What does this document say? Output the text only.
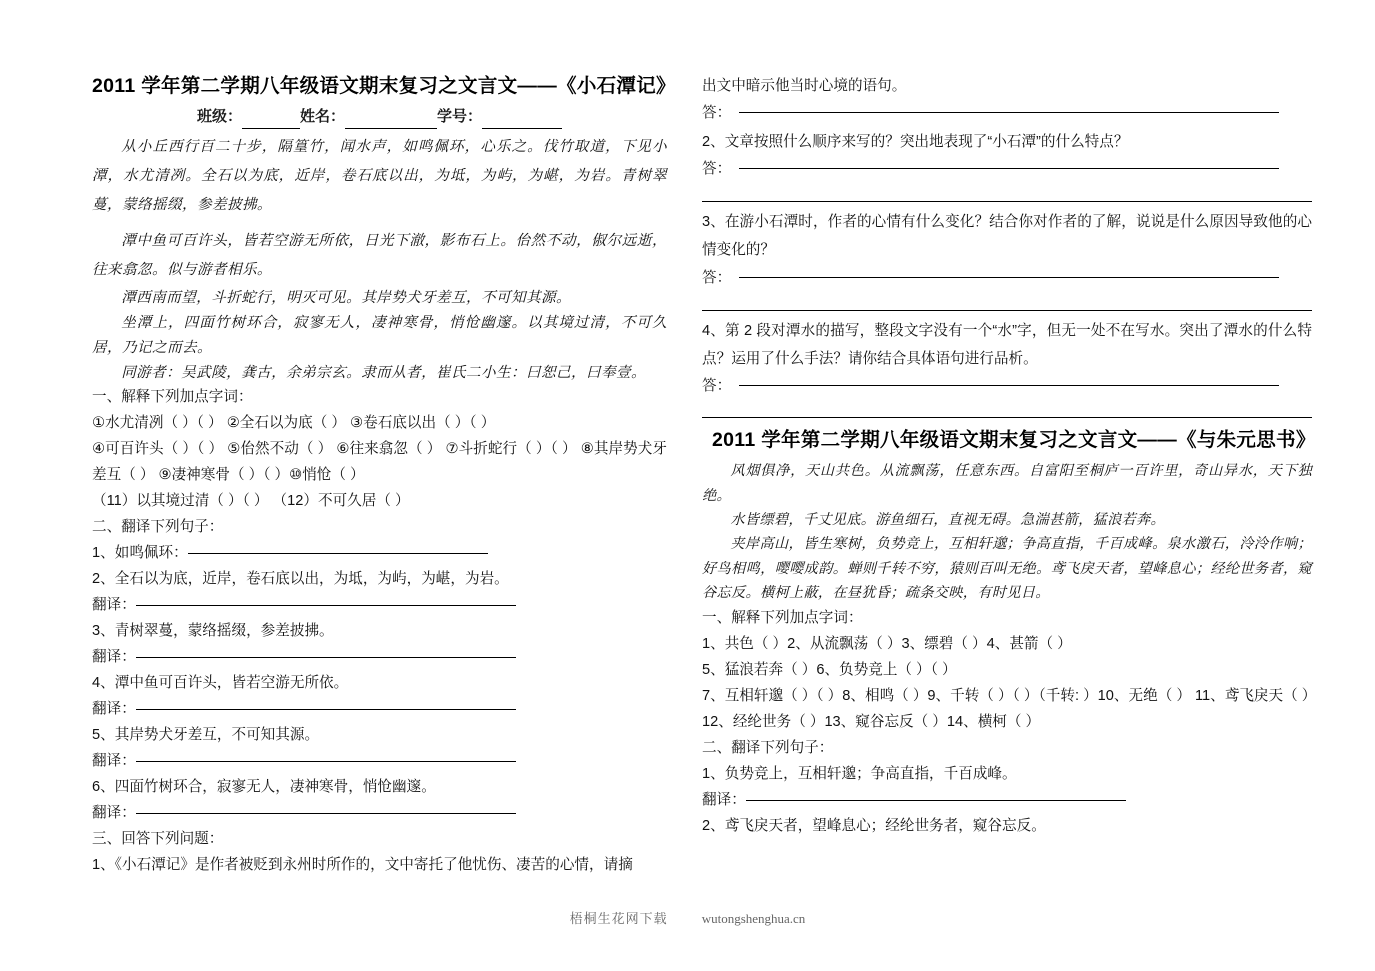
2011 学年第二学期八年级语文期末复习之文言文——《小石潭记》
班级：	姓名：	学号：

从小丘西行百二十步，隔篁竹，闻水声，如鸣佩环，心乐之。伐竹取道，下见小潭，水尤清冽。全石以为底，近岸，卷石底以出，为坻，为屿，为嵁，为岩。青树翠蔓，蒙络摇缀，参差披拂。

潭中鱼可百许头，皆若空游无所依，日光下澈，影布石上。佁然不动，俶尔远逝，往来翕忽。似与游者相乐。

潭西南而望，斗折蛇行，明灭可见。其岸势犬牙差互，不可知其源。

坐潭上，四面竹树环合，寂寥无人，凄神寒骨，悄怆幽邃。以其境过清，不可久居，乃记之而去。

同游者：吴武陵，龚古，余弟宗玄。隶而从者，崔氏二小生：曰恕己，曰奉壹。

一、解释下列加点字词：

①水尤清冽（ ）（ ） ②全石以为底（ ） ③卷石底以出（ ）（ ）
④可百许头（ ）（ ） ⑤佁然不动（ ） ⑥往来翕忽（ ） ⑦斗折蛇行（ ）（ ） ⑧其岸势犬牙差互（ ） ⑨凄神寒骨（ ）（ ）⑩悄怆（ ）
（11）以其境过清（ ）（ ） （12）不可久居（ ）

二、翻译下列句子：

1、如鸣佩环：

2、全石以为底，近岸，卷石底以出，为坻，为屿，为嵁，为岩。

翻译：

3、青树翠蔓，蒙络摇缀，参差披拂。

翻译：

4、潭中鱼可百许头，皆若空游无所依。

翻译：

5、其岸势犬牙差互，不可知其源。

翻译：

6、四面竹树环合，寂寥无人，凄神寒骨，悄怆幽邃。

翻译：

三、回答下列问题：

1、《小石潭记》是作者被贬到永州时所作的，文中寄托了他忧伤、凄苦的心情，请摘

出文中暗示他当时心境的语句。

答：

2、文章按照什么顺序来写的？突出地表现了“小石潭”的什么特点？

答：

3、在游小石潭时，作者的心情有什么变化？结合你对作者的了解，说说是什么原因导致他的心情变化的？

答：

4、第 2 段对潭水的描写，整段文字没有一个“水”字，但无一处不在写水。突出了潭水的什么特点？运用了什么手法？请你结合具体语句进行品析。

答：

2011 学年第二学期八年级语文期末复习之文言文——《与朱元思书》

风烟俱净，天山共色。从流飘荡，任意东西。自富阳至桐庐一百许里，奇山异水，天下独绝。

水皆缥碧，千丈见底。游鱼细石，直视无碍。急湍甚箭，猛浪若奔。

夹岸高山，皆生寒树，负势竞上，互相轩邈；争高直指，千百成峰。泉水激石，泠泠作响；好鸟相鸣，嘤嘤成韵。蝉则千转不穷，猿则百叫无绝。鸢飞戾天者，望峰息心；经纶世务者，窥谷忘反。横柯上蔽，在昼犹昏；疏条交映，有时见日。

一、解释下列加点字词：

1、共色（ ）2、从流飘荡（ ）3、缥碧（ ）4、甚箭（ ）
5、猛浪若奔（ ）6、负势竞上（ ）（ ）
7、互相轩邈（ ）（ ）8、相鸣（ ）9、千转（ ）（ ）（千转: ）10、无绝（ ） 11、鸢飞戾天（ ）
12、经纶世务（ ）13、窥谷忘反（ ）14、横柯（ ）

二、翻译下列句子：

1、负势竞上，互相轩邈；争高直指，千百成峰。

翻译：

2、鸢飞戾天者，望峰息心；经纶世务者，窥谷忘反。

梧桐生花网下载	wutongshenghua.cn
